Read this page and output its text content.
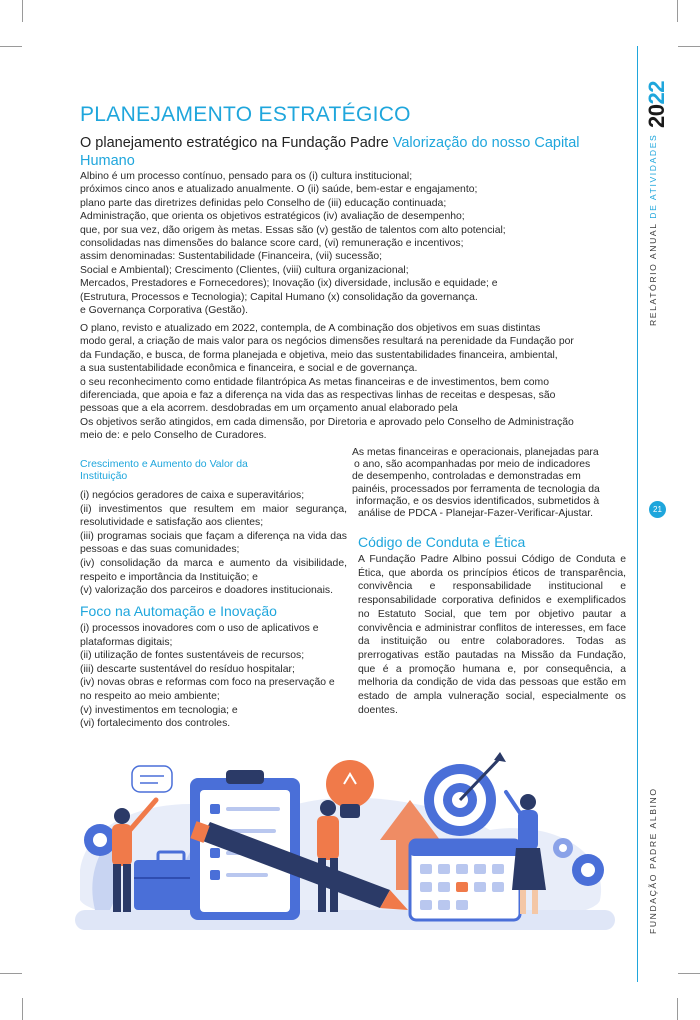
2022
RELATÓRIO ANUAL DE ATIVIDADES
21
FUNDAÇÃO PADRE ALBINO
PLANEJAMENTO ESTRATÉGICO
O planejamento estratégico na Fundação Padre Valorização do nosso Capital Humano
Albino é um processo contínuo, pensado para os (i) cultura institucional;
próximos cinco anos e atualizado anualmente. O (ii) saúde, bem-estar e engajamento;
plano parte das diretrizes definidas pelo Conselho de (iii) educação continuada;
Administração, que orienta os objetivos estratégicos (iv) avaliação de desempenho;
que, por sua vez, dão origem às metas. Essas são (v) gestão de talentos com alto potencial;
consolidadas nas dimensões do balance score card, (vi) remuneração e incentivos;
assim denominadas: Sustentabilidade (Financeira, (vii) sucessão;
Social e Ambiental); Crescimento (Clientes, (viii) cultura organizacional;
Mercados, Prestadores e Fornecedores); Inovação (ix) diversidade, inclusão e equidade; e
(Estrutura, Processos e Tecnologia); Capital Humano (x) consolidação da governança.
e Governança Corporativa (Gestão).
O plano, revisto e atualizado em 2022, contempla, de A combinação dos objetivos em suas distintas
modo geral, a criação de mais valor para os negócios dimensões resultará na perenidade da Fundação por
da Fundação, e busca, de forma planejada e objetiva, meio das sustentabilidades financeira, ambiental,
a sua sustentabilidade econômica e financeira, e social e de governança.
o seu reconhecimento como entidade filantrópica As metas financeiras e de investimentos, bem como
diferenciada, que apoia e faz a diferença na vida das as respectivas linhas de receitas e despesas, são
pessoas que a ela acorrem. desdobradas em um orçamento anual elaborado pela
Os objetivos serão atingidos, em cada dimensão, por Diretoria e aprovado pelo Conselho de Administração
meio de: e pelo Conselho de Curadores.
Crescimento e Aumento do Valor da Instituição
(i) negócios geradores de caixa e superavitários;
(ii) investimentos que resultem em maior segurança, resolutividade e satisfação aos clientes;
(iii) programas sociais que façam a diferença na vida das pessoas e das suas comunidades;
(iv) consolidação da marca e aumento da visibilidade, respeito e importância da Instituição; e
(v) valorização dos parceiros e doadores institucionais.
Foco na Automação e Inovação
(i) processos inovadores com o uso de aplicativos e plataformas digitais;
(ii) utilização de fontes sustentáveis de recursos;
(iii) descarte sustentável do resíduo hospitalar;
(iv) novas obras e reformas com foco na preservação e no respeito ao meio ambiente;
(v) investimentos em tecnologia; e
(vi) fortalecimento dos controles.
As metas financeiras e operacionais, planejadas para
o ano, são acompanhadas por meio de indicadores
de desempenho, controladas e demonstradas em
painéis, processados por ferramenta de tecnologia da
informação, e os desvios identificados, submetidos à
análise de PDCA - Planejar-Fazer-Verificar-Ajustar.
Código de Conduta e Ética
A Fundação Padre Albino possui Código de Conduta e Ética, que aborda os princípios éticos de transparência, convivência e responsabilidade institucional e responsabilidade corporativa definidos e exemplificados no Estatuto Social, que tem por objetivo pautar a convivência e administrar conflitos de interesses, em face da instituição ou entre colaboradores. Todas as prerrogativas estão pautadas na Missão da Fundação, que é a promoção humana e, por consequência, a melhoria da condição de vida das pessoas que estão em estado de ampla vulneração social, especialmente os doentes.
